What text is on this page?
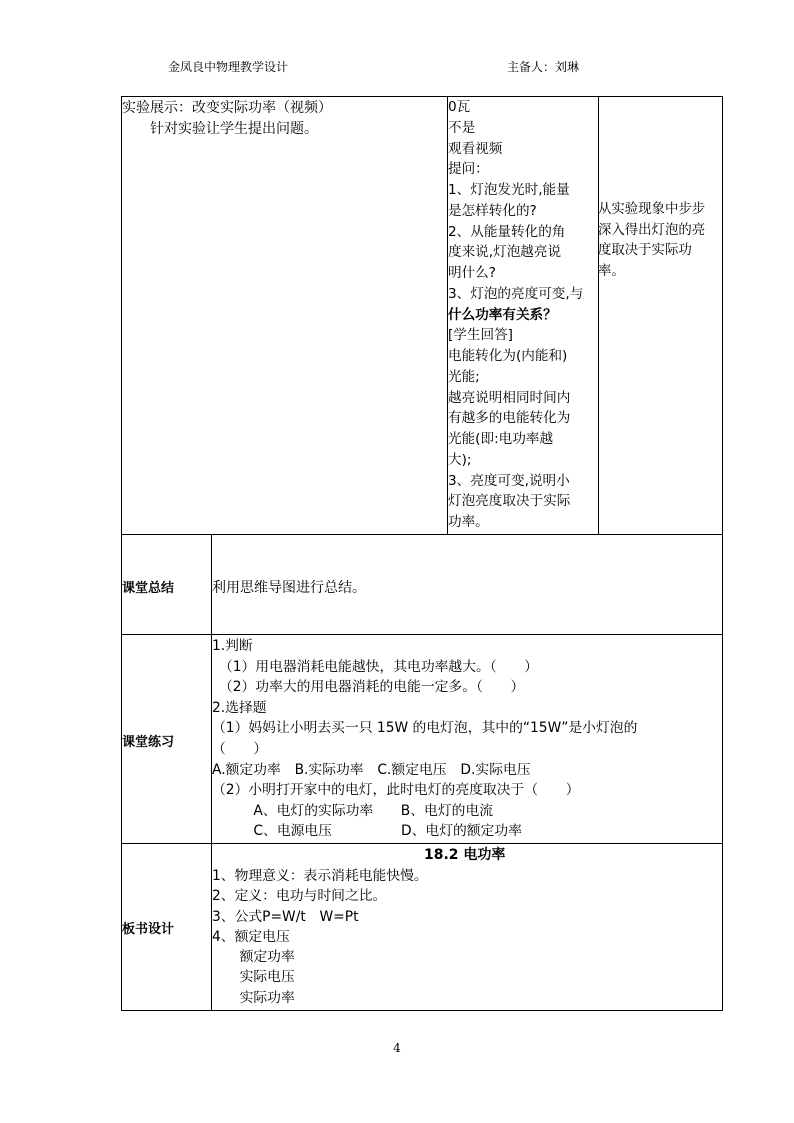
金凤良中物理教学设计	主备人：刘琳
实验展示：改变实际功率（视频）
　　针对实验让学生提出问题。
0瓦
不是
观看视频
提问：
1、灯泡发光时,能量
是怎样转化的?
2、从能量转化的角
度来说,灯泡越亮说
明什么?
3、灯泡的亮度可变,与
什么功率有关系？
[学生回答]
电能转化为(内能和)
光能;
越亮说明相同时间内
有越多的电能转化为
光能(即:电功率越
大);
3、亮度可变,说明小
灯泡亮度取决于实际
功率。
从实验现象中步步
深入得出灯泡的亮
度取决于实际功
率。
课堂总结	利用思维导图进行总结。
课堂练习
1.判断
　（1）用电器消耗电能越快，其电功率越大。（　　）
　（2）功率大的用电器消耗的电能一定多。（　　）
2.选择题
（1）妈妈让小明去买一只 15W 的电灯泡，其中的“15W”是小灯泡的
（　　）
A.额定功率　B.实际功率　C.额定电压　D.实际电压
（2）小明打开家中的电灯，此时电灯的亮度取决于（　　）
　　　A、电灯的实际功率　　B、电灯的电流
　　　C、电源电压　　　　　D、电灯的额定功率
板书设计
18.2 电功率
1、物理意义：表示消耗电能快慢。
2、定义：电功与时间之比。
3、公式P=W/t　W=Pt
4、额定电压
　　额定功率
　　实际电压
　　实际功率
4
